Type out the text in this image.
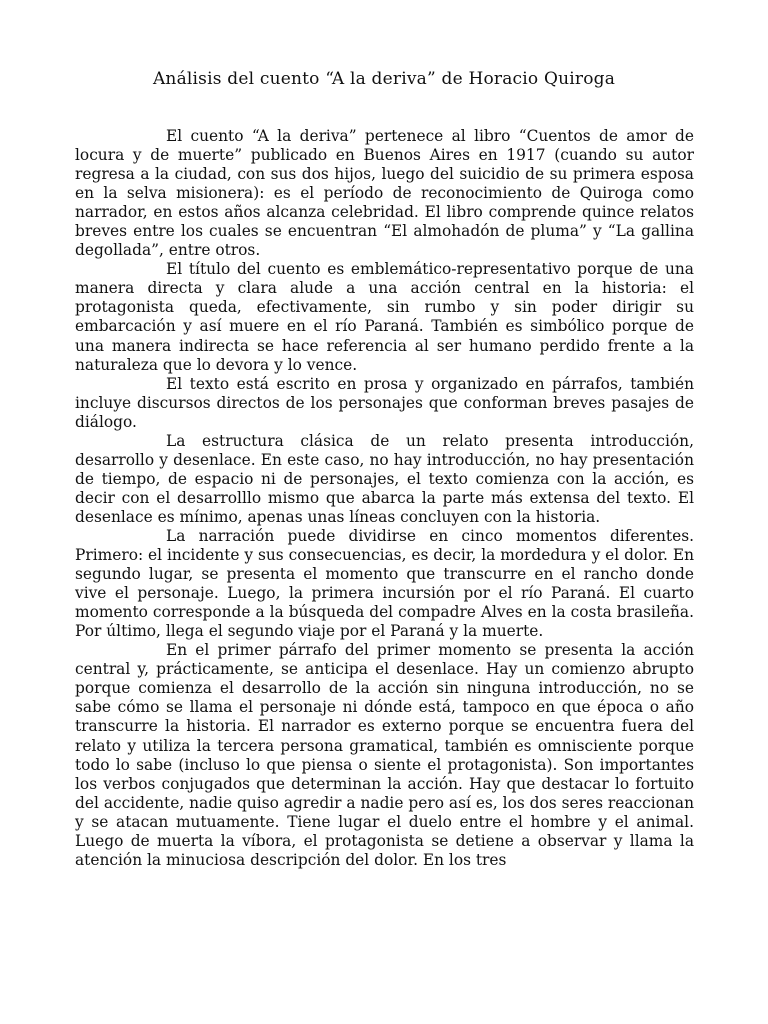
Análisis del cuento “A la deriva” de Horacio Quiroga

El cuento “A la deriva” pertenece al libro “Cuentos de amor de locura y de muerte” publicado en Buenos Aires en 1917 (cuando su autor regresa a la ciudad, con sus dos hijos, luego del suicidio de su primera esposa en la selva misionera): es el período de reconocimiento de Quiroga como narrador, en estos años alcanza celebridad. El libro comprende quince relatos breves entre los cuales se encuentran “El almohadón de pluma” y “La gallina degollada”, entre otros.

El título del cuento es emblemático-representativo porque de una manera directa y clara alude a una acción central en la historia: el protagonista queda, efectivamente, sin rumbo y sin poder dirigir su embarcación y así muere en el río Paraná. También es simbólico porque de una manera indirecta se hace referencia al ser humano perdido frente a la naturaleza que lo devora y lo vence.

El texto está escrito en prosa y organizado en párrafos, también incluye discursos directos de los personajes que conforman breves pasajes de diálogo.

La estructura clásica de un relato presenta introducción, desarrollo y desenlace. En este caso, no hay introducción, no hay presentación de tiempo, de espacio ni de personajes, el texto comienza con la acción, es decir con el desarrolllo mismo que abarca la parte más extensa del texto. El desenlace es mínimo, apenas unas líneas concluyen con la historia.

La narración puede dividirse en cinco momentos diferentes. Primero: el incidente y sus consecuencias, es decir, la mordedura y el dolor. En segundo lugar, se presenta el momento que transcurre en el rancho donde vive el personaje. Luego, la primera incursión por el río Paraná. El cuarto momento corresponde a la búsqueda del compadre Alves en la costa brasileña. Por último, llega el segundo viaje por el Paraná y la muerte.

En el primer párrafo del primer momento se presenta la acción central y, prácticamente, se anticipa el desenlace. Hay un comienzo abrupto porque comienza el desarrollo de la acción sin ninguna introducción, no se sabe cómo se llama el personaje ni dónde está, tampoco en que época o año transcurre la historia. El narrador es externo porque se encuentra fuera del relato y utiliza la tercera persona gramatical, también es omnisciente porque todo lo sabe (incluso lo que piensa o siente el protagonista). Son importantes los verbos conjugados que determinan la acción. Hay que destacar lo fortuito del accidente, nadie quiso agredir a nadie pero así es, los dos seres reaccionan y se atacan mutuamente. Tiene lugar el duelo entre el hombre y el animal. Luego de muerta la víbora, el protagonista se detiene a observar y llama la atención la minuciosa descripción del dolor. En los tres
